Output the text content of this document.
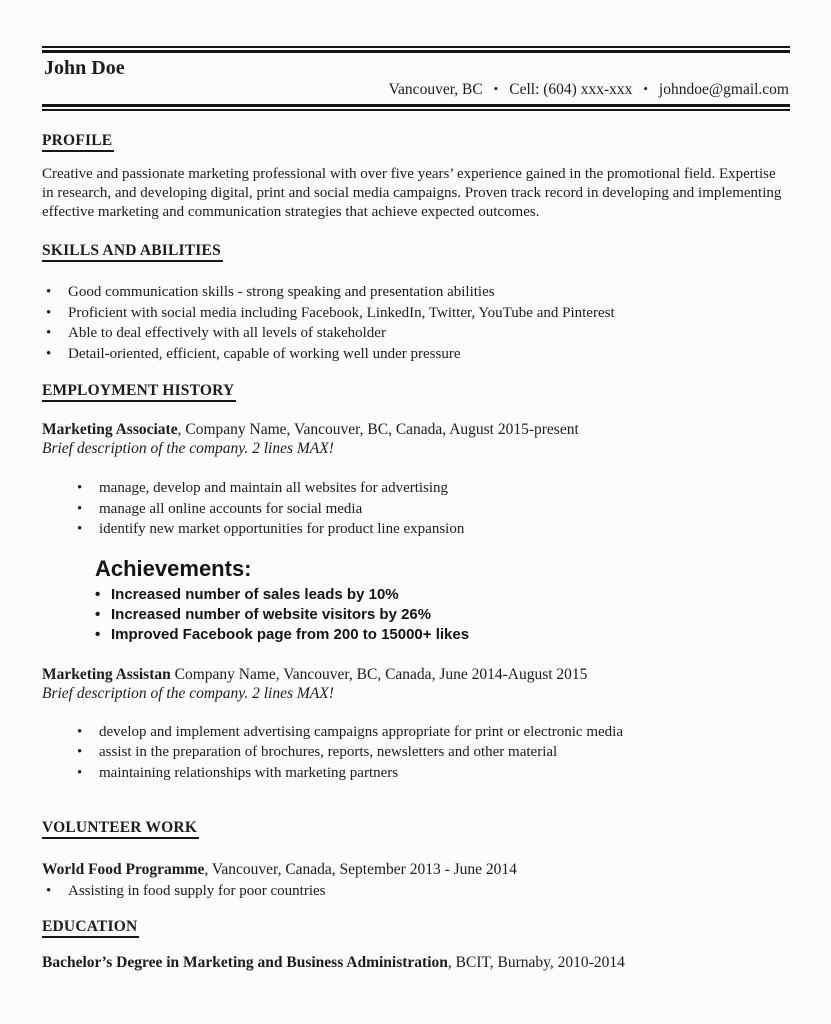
John Doe
Vancouver, BC • Cell: (604) xxx-xxx • johndoe@gmail.com
PROFILE

Creative and passionate marketing professional with over five years’ experience gained in the promotional field. Expertise in research, and developing digital, print and social media campaigns. Proven track record in developing and implementing effective marketing and communication strategies that achieve expected outcomes.

SKILLS AND ABILITIES
• Good communication skills - strong speaking and presentation abilities
• Proficient with social media including Facebook, LinkedIn, Twitter, YouTube and Pinterest
• Able to deal effectively with all levels of stakeholder
• Detail-oriented, efficient, capable of working well under pressure
EMPLOYMENT HISTORY

Marketing Associate, Company Name, Vancouver, BC, Canada, August 2015-present

Brief description of the company. 2 lines MAX!

• manage, develop and maintain all websites for advertising
• manage all online accounts for social media
• identify new market opportunities for product line expansion
Achievements:
• Increased number of sales leads by 10%
• Increased number of website visitors by 26%
• Improved Facebook page from 200 to 15000+ likes

Marketing Assistan Company Name, Vancouver, BC, Canada, June 2014-August 2015

Brief description of the company. 2 lines MAX!

• develop and implement advertising campaigns appropriate for print or electronic media
• assist in the preparation of brochures, reports, newsletters and other material
• maintaining relationships with marketing partners
VOLUNTEER WORK

World Food Programme, Vancouver, Canada, September 2013 - June 2014

• Assisting in food supply for poor countries
EDUCATION

Bachelor’s Degree in Marketing and Business Administration, BCIT, Burnaby, 2010-2014
